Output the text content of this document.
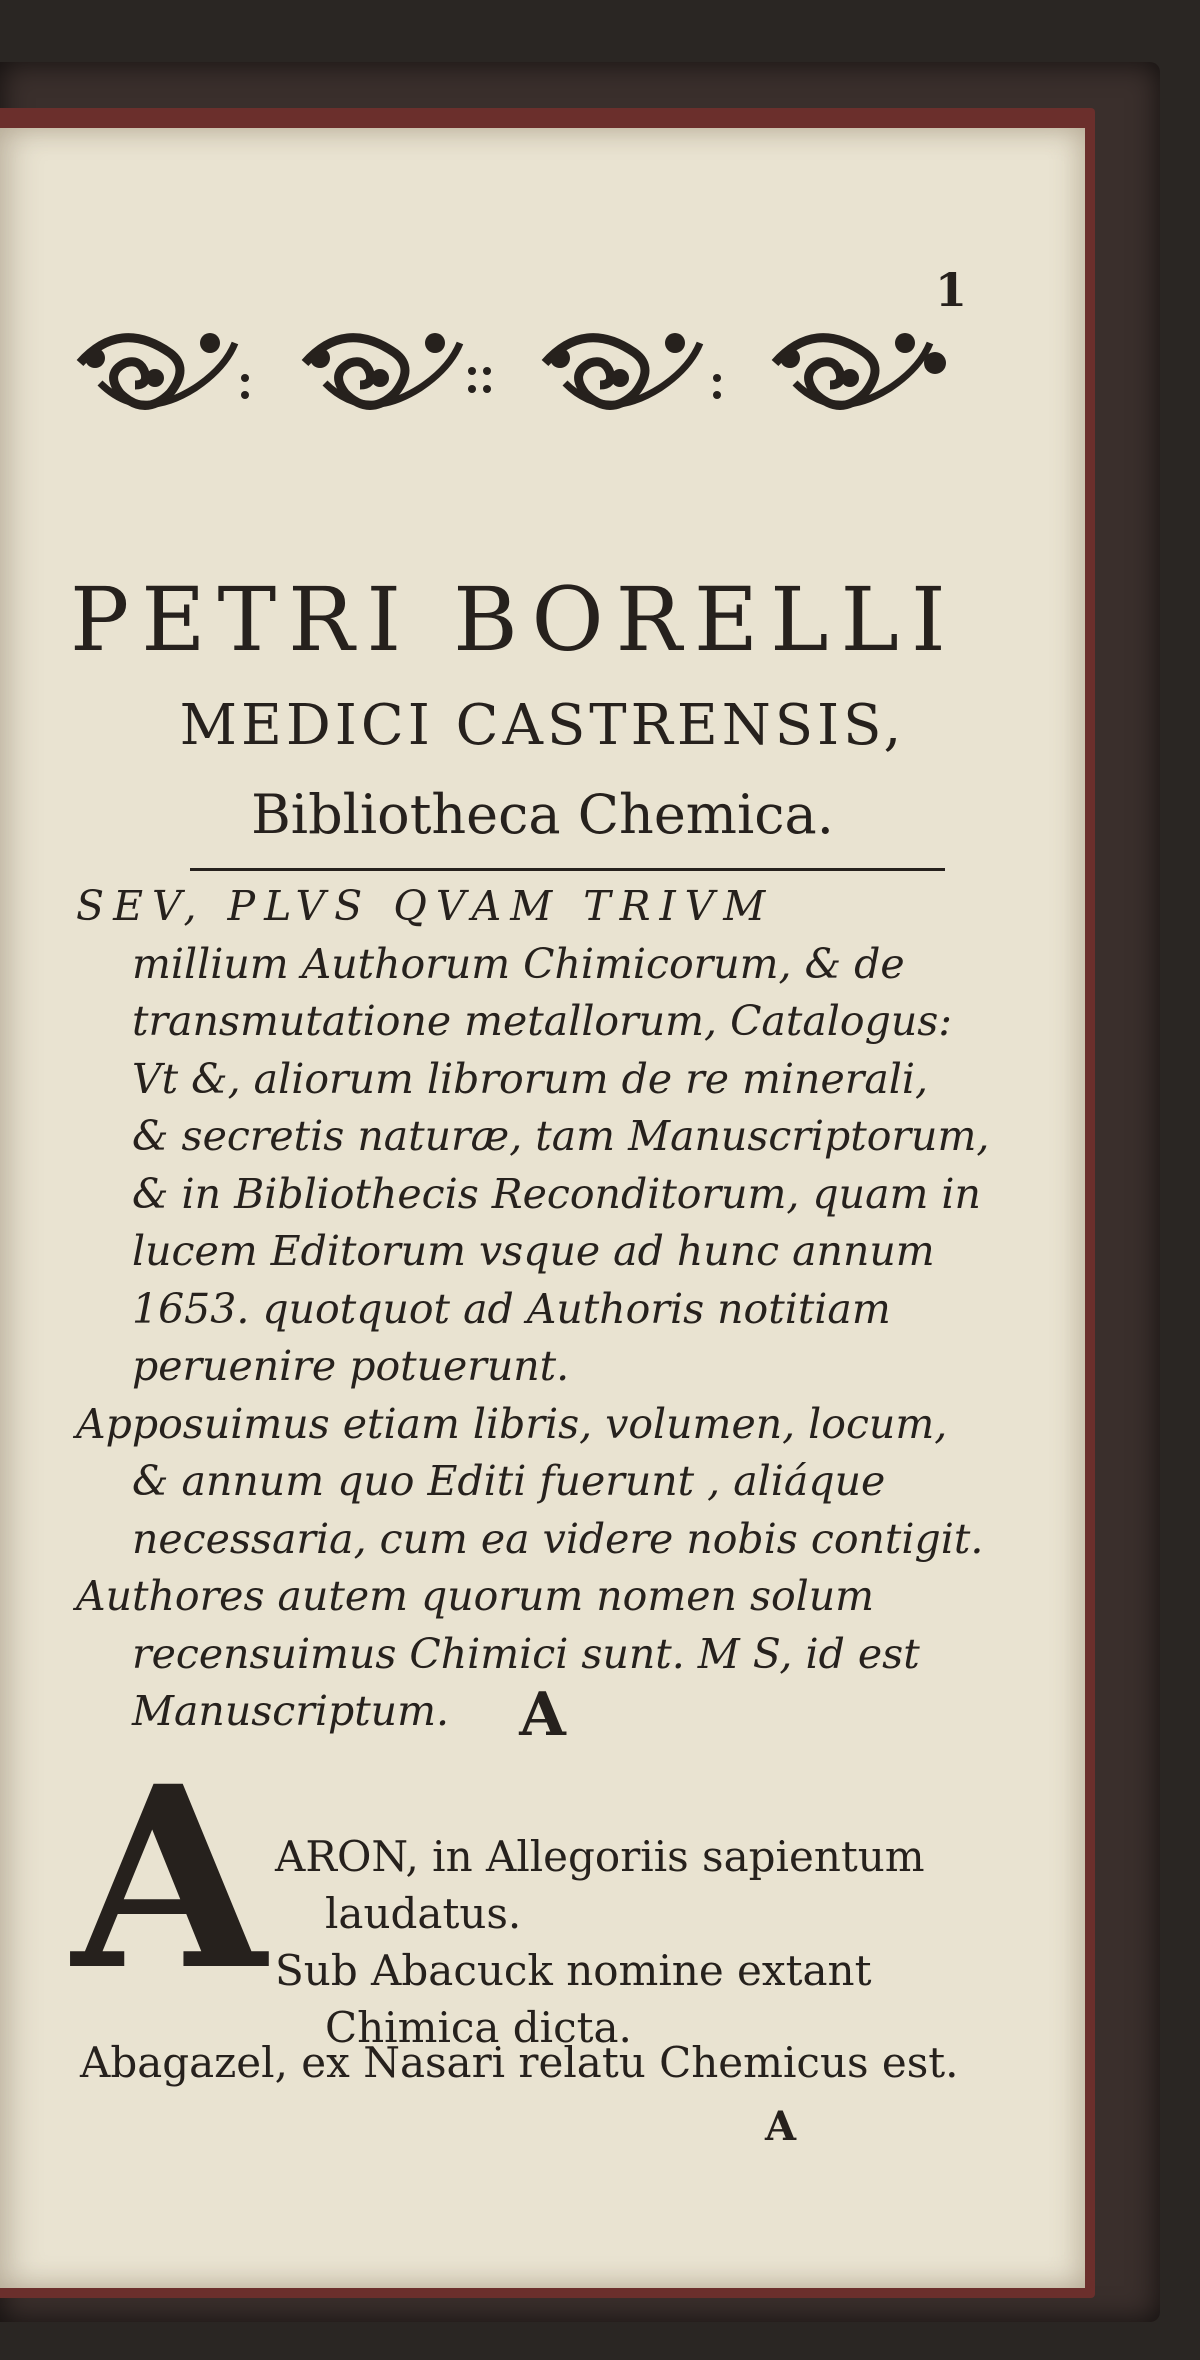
1
PETRI BORELLI
MEDICI CASTRENSIS,
Bibliotheca Chemica.
SEV, PLVS QVAM TRIVM
millium Authorum Chimicorum, & de
transmutatione metallorum, Catalogus:
Vt &, aliorum librorum de re minerali,
& secretis naturæ, tam Manuscriptorum,
& in Bibliothecis Reconditorum, quam in
lucem Editorum vsque ad hunc annum
1653. quotquot ad Authoris notitiam
peruenire potuerunt.
Apposuimus etiam libris, volumen, locum,
& annum quo Editi fuerunt , aliáque
necessaria, cum ea videre nobis contigit.
Authores autem quorum nomen solum
recensuimus Chimici sunt. M S, id est
Manuscriptum.	A
A ARON, in Allegoriis sapientum
laudatus.
Sub Abacuck nomine extant
Chimica dicta.
Abagazel, ex Nasari relatu Chemicus est.
A
